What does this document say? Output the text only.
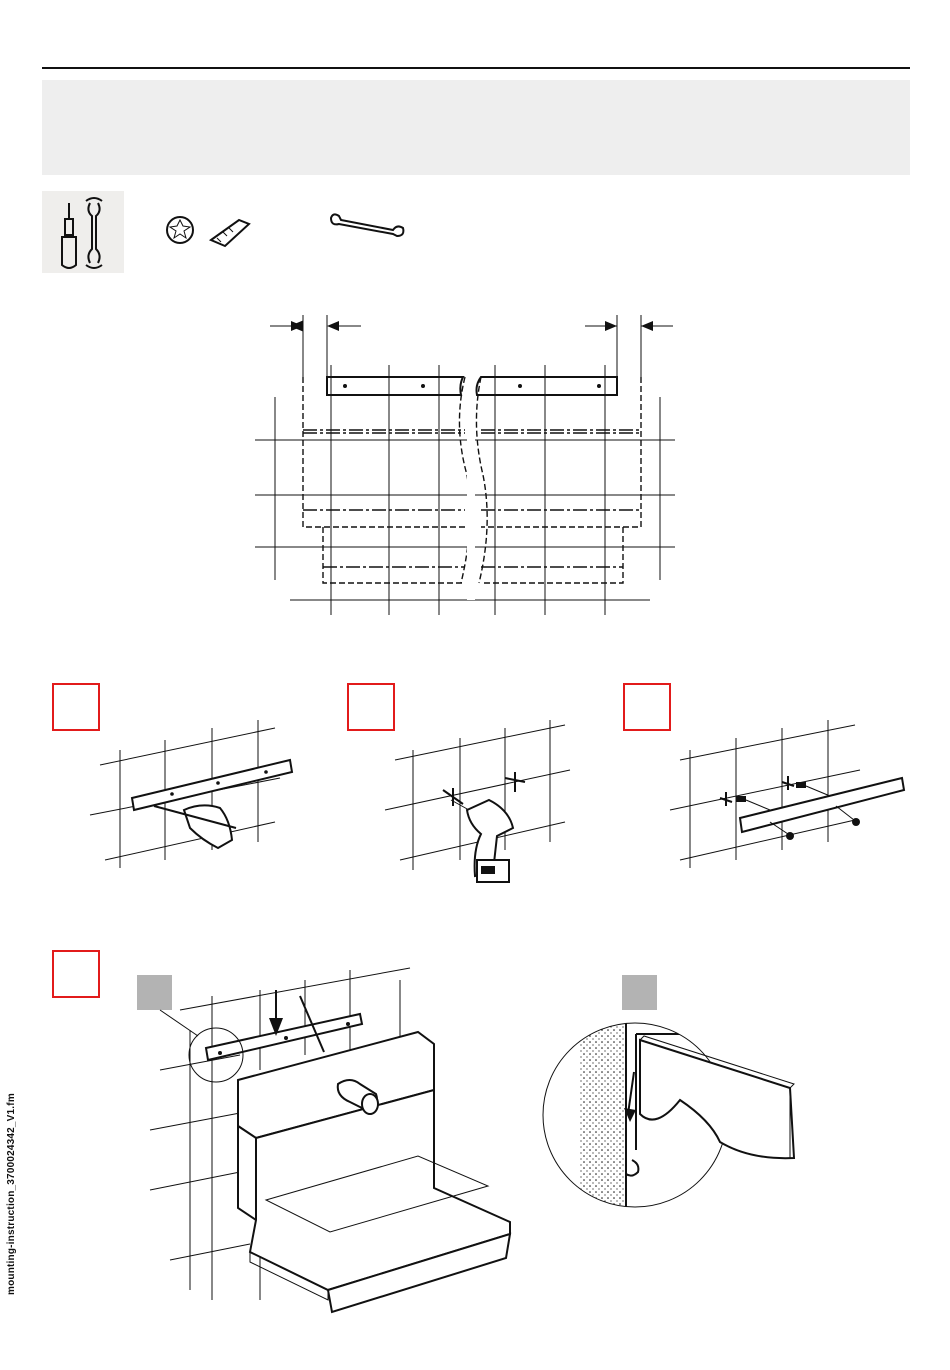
mounting-instruction_3700024342_V1.fm
